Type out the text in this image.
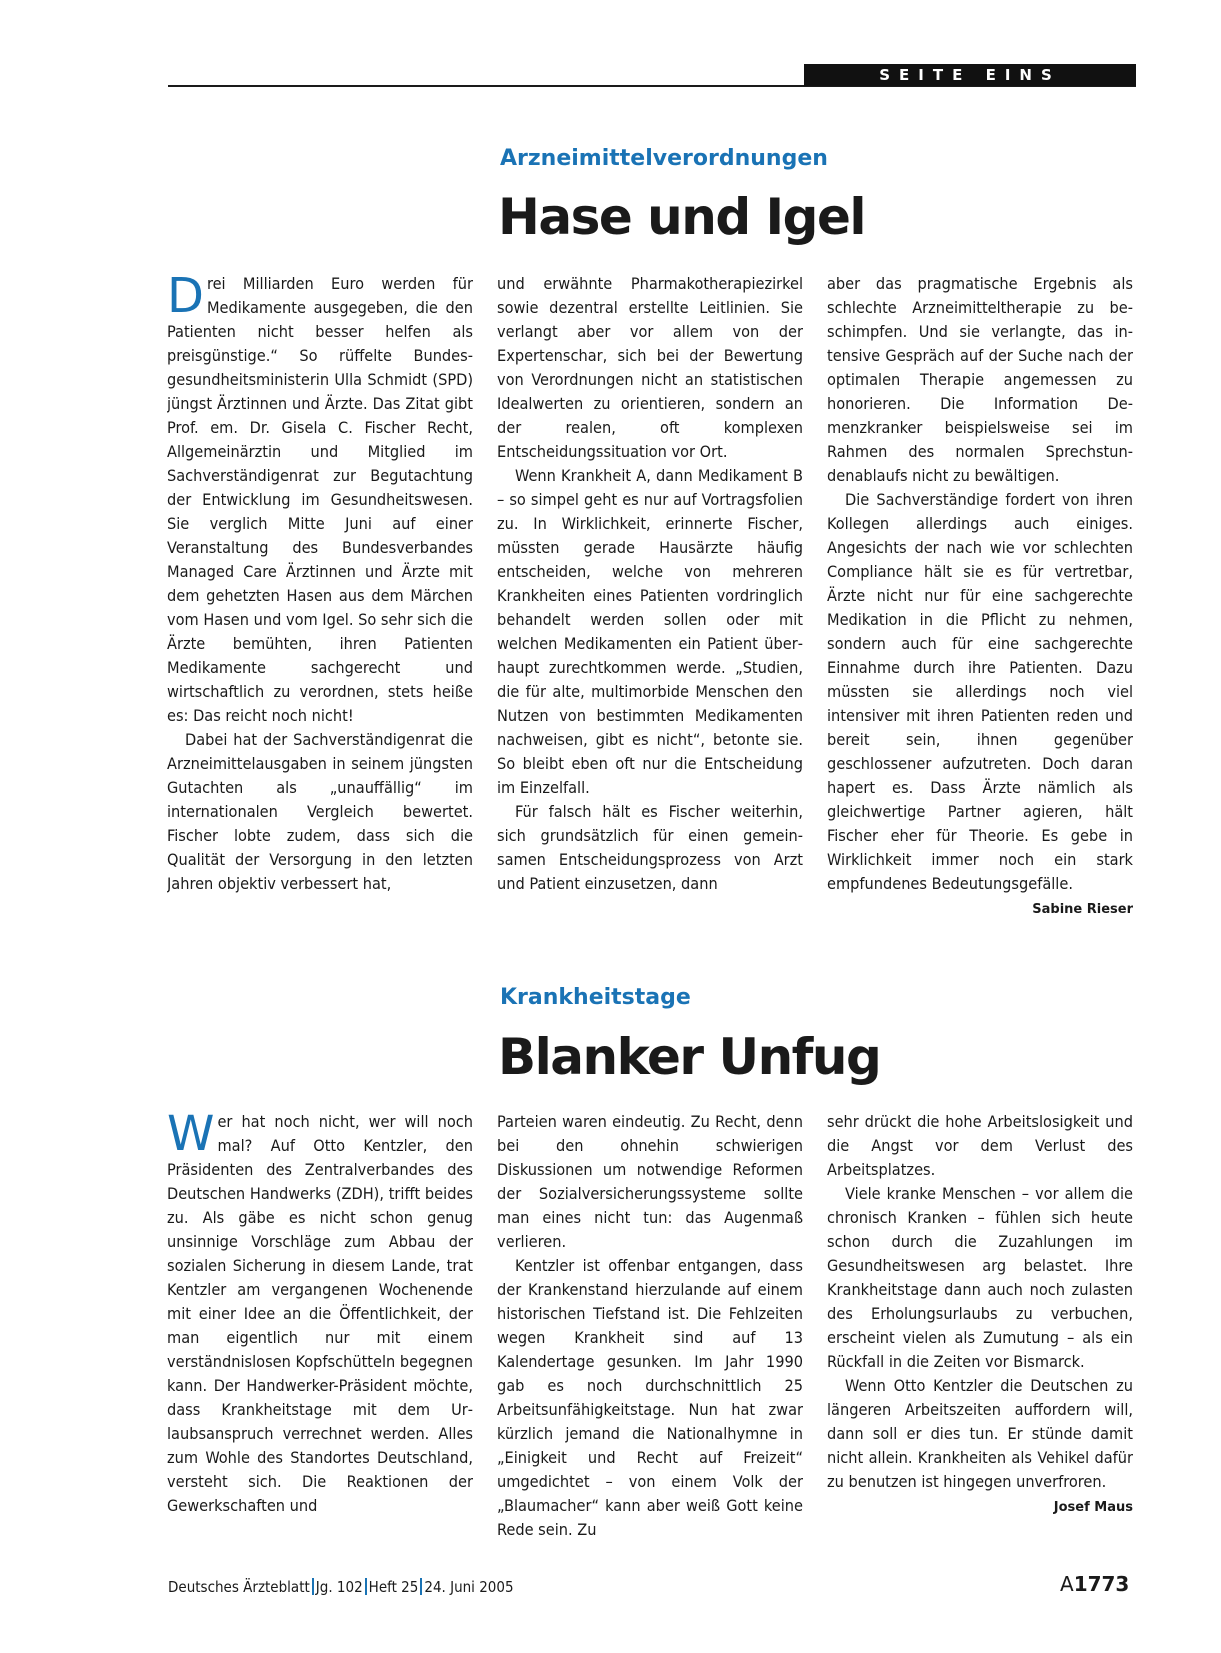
SEITE EINS
Arzneimittelverordnungen
Hase und Igel

Drei Milliarden Euro werden für Medikamente ausgegeben, die den Patienten nicht besser helfen als preisgünstige.“ So rüffelte Bundesgesundheitsministerin Ulla Schmidt (SPD) jüngst Ärztinnen und Ärzte. Das Zitat gibt Prof. em. Dr. Gisela C. Fischer Recht, Allgemeinärztin und Mitglied im Sachverständigenrat zur Begutachtung der Entwicklung im Gesundheitswesen. Sie verglich Mitte Juni auf einer Veranstaltung des Bundesverbandes Managed Care Ärztinnen und Ärzte mit dem gehetzten Hasen aus dem Märchen vom Hasen und vom Igel. So sehr sich die Ärzte bemühten, ihren Patienten Medikamente sachgerecht und wirtschaftlich zu verordnen, stets heiße es: Das reicht noch nicht!

Dabei hat der Sachverständigenrat die Arzneimittelausgaben in seinem jüngsten Gutachten als „unauffällig“ im internationalen Vergleich bewertet. Fischer lobte zudem, dass sich die Qualität der Versorgung in den letzten Jahren objektiv verbessert hat,

und erwähnte Pharmakotherapiezirkel sowie dezentral erstellte Leitlinien. Sie verlangt aber vor allem von der Expertenschar, sich bei der Bewertung von Verordnungen nicht an statistischen Idealwerten zu orientieren, sondern an der realen, oft komplexen Entscheidungssituation vor Ort.

Wenn Krankheit A, dann Medikament B – so simpel geht es nur auf Vortragsfolien zu. In Wirklichkeit, erinnerte Fischer, müssten gerade Hausärzte häufig entscheiden, welche von mehreren Krankheiten eines Patienten vordringlich behandelt werden sollen oder mit welchen Medikamenten ein Patient überhaupt zurechtkommen werde. „Studien, die für alte, multimorbide Menschen den Nutzen von bestimmten Medikamenten nachweisen, gibt es nicht“, betonte sie. So bleibt eben oft nur die Entscheidung im Einzelfall.

Für falsch hält es Fischer weiterhin, sich grundsätzlich für einen gemeinsamen Entscheidungsprozess von Arzt und Patient einzusetzen, dann

aber das pragmatische Ergebnis als schlechte Arzneimitteltherapie zu beschimpfen. Und sie verlangte, das intensive Gespräch auf der Suche nach der optimalen Therapie angemessen zu honorieren. Die Information Demenzkranker beispielsweise sei im Rahmen des normalen Sprechstundenablaufs nicht zu bewältigen.

Die Sachverständige fordert von ihren Kollegen allerdings auch einiges. Angesichts der nach wie vor schlechten Compliance hält sie es für vertretbar, Ärzte nicht nur für eine sachgerechte Medikation in die Pflicht zu nehmen, sondern auch für eine sachgerechte Einnahme durch ihre Patienten. Dazu müssten sie allerdings noch viel intensiver mit ihren Patienten reden und bereit sein, ihnen gegenüber geschlossener aufzutreten. Doch daran hapert es. Dass Ärzte nämlich als gleichwertige Partner agieren, hält Fischer eher für Theorie. Es gebe in Wirklichkeit immer noch ein stark empfundenes Bedeutungsgefälle.
Sabine Rieser

Krankheitstage
Blanker Unfug

Wer hat noch nicht, wer will noch mal? Auf Otto Kentzler, den Präsidenten des Zentralverbandes des Deutschen Handwerks (ZDH), trifft beides zu. Als gäbe es nicht schon genug unsinnige Vorschläge zum Abbau der sozialen Sicherung in diesem Lande, trat Kentzler am vergangenen Wochenende mit einer Idee an die Öffentlichkeit, der man eigentlich nur mit einem verständnislosen Kopfschütteln begegnen kann. Der Handwerker-Präsident möchte, dass Krankheitstage mit dem Urlaubsanspruch verrechnet werden. Alles zum Wohle des Standortes Deutschland, versteht sich. Die Reaktionen der Gewerkschaften und

Parteien waren eindeutig. Zu Recht, denn bei den ohnehin schwierigen Diskussionen um notwendige Reformen der Sozialversicherungssysteme sollte man eines nicht tun: das Augenmaß verlieren.

Kentzler ist offenbar entgangen, dass der Krankenstand hierzulande auf einem historischen Tiefstand ist. Die Fehlzeiten wegen Krankheit sind auf 13 Kalendertage gesunken. Im Jahr 1990 gab es noch durchschnittlich 25 Arbeitsunfähigkeitstage. Nun hat zwar kürzlich jemand die Nationalhymne in „Einigkeit und Recht auf Freizeit“ umgedichtet – von einem Volk der „Blaumacher“ kann aber weiß Gott keine Rede sein. Zu

sehr drückt die hohe Arbeitslosigkeit und die Angst vor dem Verlust des Arbeitsplatzes.

Viele kranke Menschen – vor allem die chronisch Kranken – fühlen sich heute schon durch die Zuzahlungen im Gesundheitswesen arg belastet. Ihre Krankheitstage dann auch noch zulasten des Erholungsurlaubs zu verbuchen, erscheint vielen als Zumutung – als ein Rückfall in die Zeiten vor Bismarck.

Wenn Otto Kentzler die Deutschen zu längeren Arbeitszeiten auffordern will, dann soll er dies tun. Er stünde damit nicht allein. Krankheiten als Vehikel dafür zu benutzen ist hingegen unverfroren.
Josef Maus

Deutsches Ärzteblatt Jg. 102 Heft 25 24. Juni 2005	A1773
